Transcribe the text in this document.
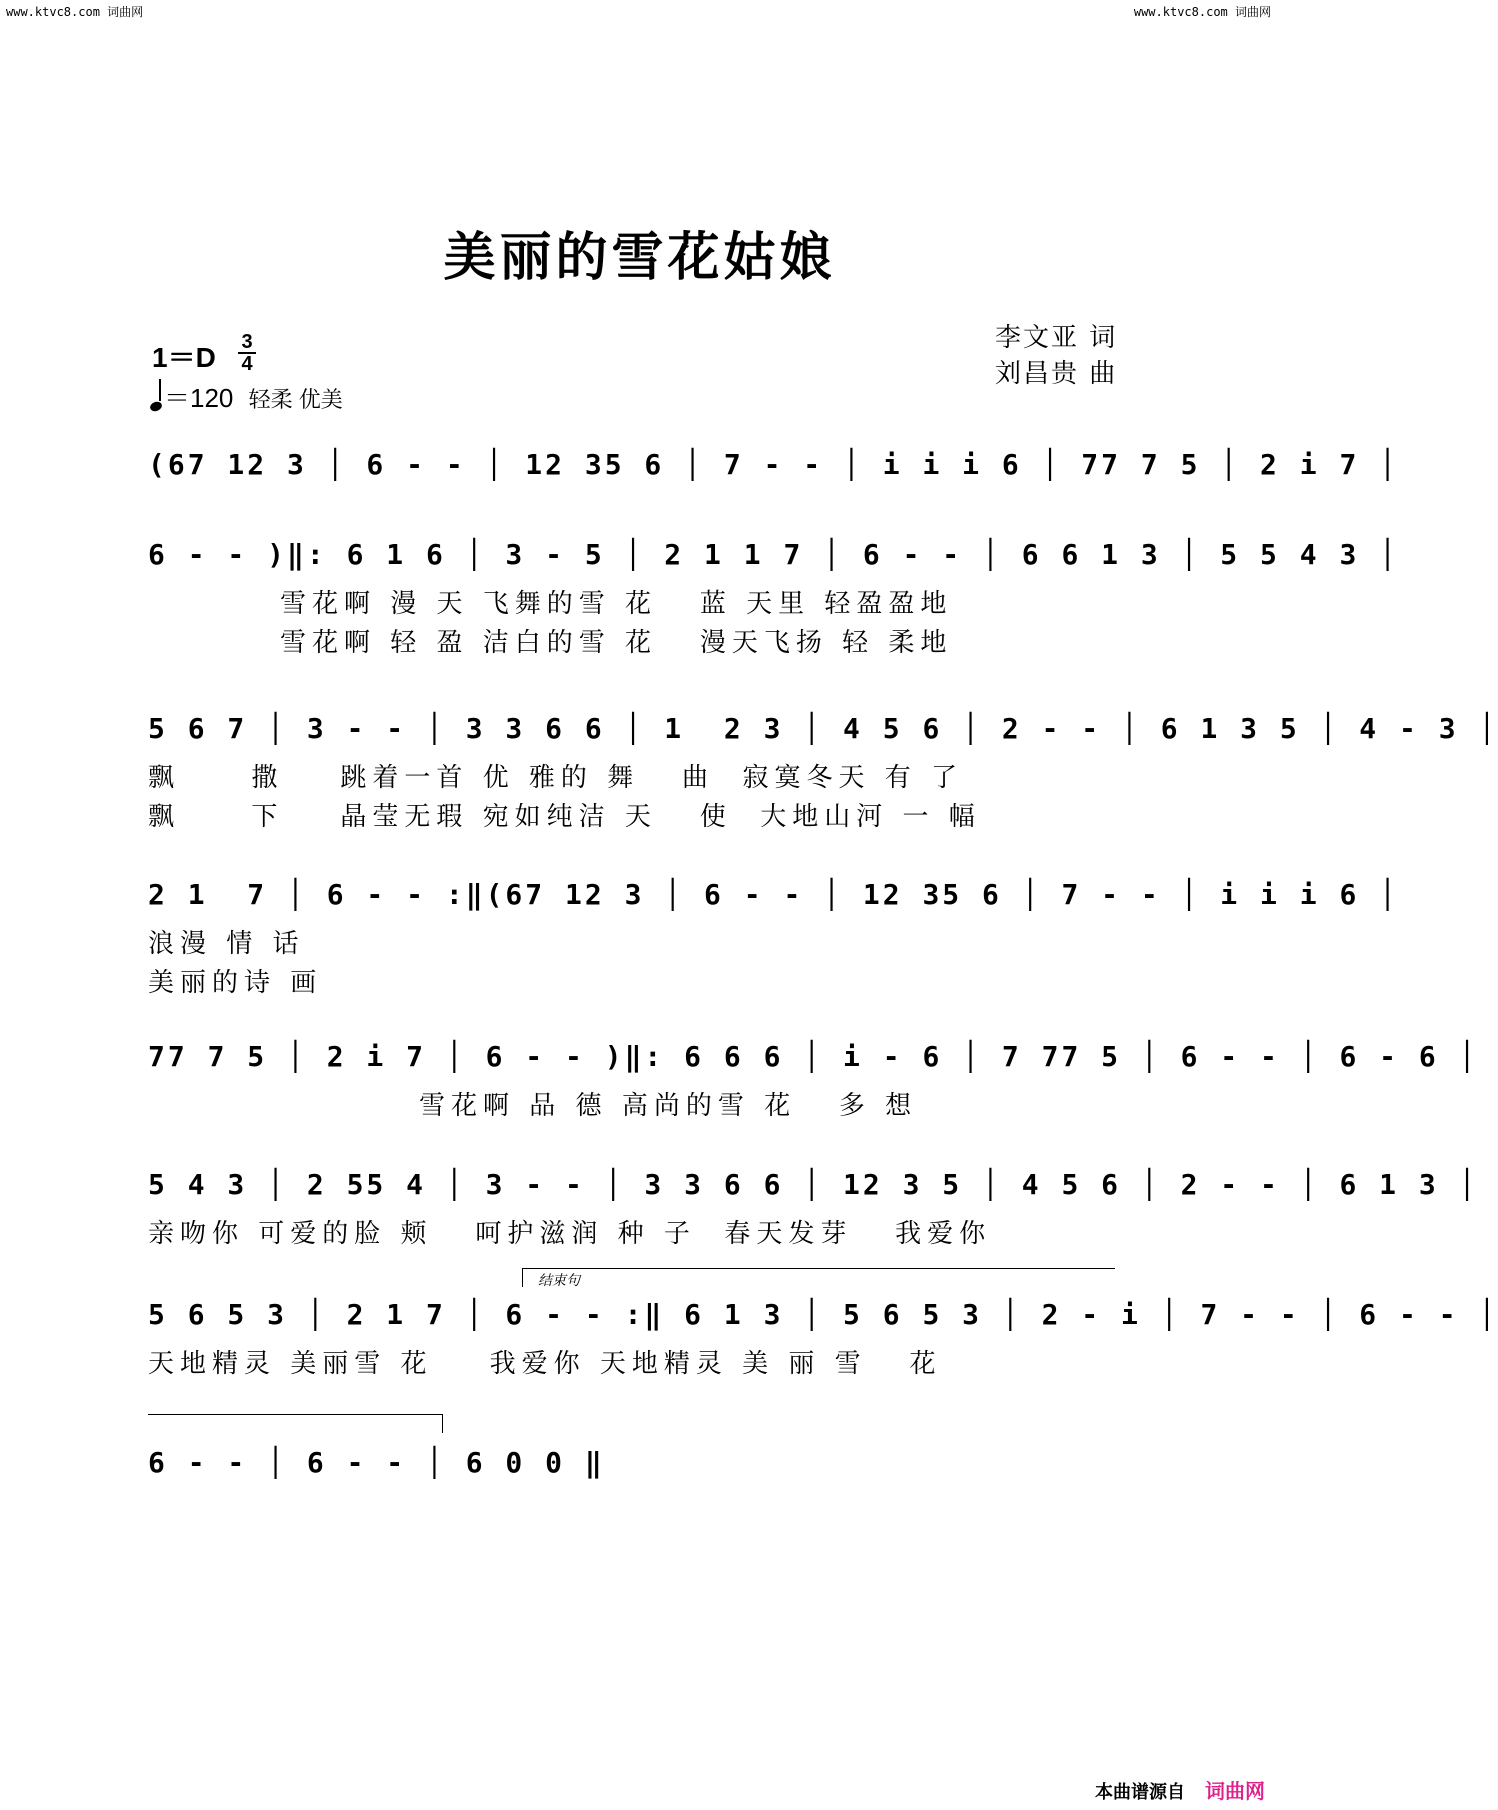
www.ktvc8.com 词曲网	www.ktvc8.com 词曲网
美丽的雪花姑娘
1＝D 3
4
＝120 轻柔 优美
李文亚 词
刘昌贵 曲
(67 12 3 │ 6 - - │ 12 35 6 │ 7 - - │ i i i 6 │ 77 7 5 │ 2 i 7 │
6 - - )‖: 6 1 6 │ 3 - 5 │ 2 1 1 7 │ 6 - - │ 6 6 1 3 │ 5 5 4 3 │
雪花啊 漫 天 飞舞的雪 花   蓝 天里 轻盈盈地
雪花啊 轻 盈 洁白的雪 花   漫天飞扬 轻 柔地
5 6 7 │ 3 - - │ 3 3 6 6 │ 1  2 3 │ 4 5 6 │ 2 - - │ 6 1 3 5 │ 4 - 3 │
飘     撒    跳着一首 优 雅的 舞   曲  寂寞冬天 有 了
飘     下    晶莹无瑕 宛如纯洁 天   使  大地山河 一 幅
2 1  7 │ 6 - - :‖(67 12 3 │ 6 - - │ 12 35 6 │ 7 - - │ i i i 6 │
浪漫 情 话
美丽的诗 画
77 7 5 │ 2 i 7 │ 6 - - )‖: 6 6 6 │ i - 6 │ 7 77 5 │ 6 - - │ 6 - 6 │
雪花啊 品 德 高尚的雪 花   多 想
5 4 3 │ 2 55 4 │ 3 - - │ 3 3 6 6 │ 12 3 5 │ 4 5 6 │ 2 - - │ 6 1 3 │
亲吻你 可爱的脸 颊   呵护滋润 种 子  春天发芽   我爱你
结束句
5 6 5 3 │ 2 1 7 │ 6 - - :‖ 6 1 3 │ 5 6 5 3 │ 2 - i │ 7 - - │ 6 - - │
天地精灵 美丽雪 花    我爱你 天地精灵 美 丽 雪   花
6 - - │ 6 - - │ 6 0 0 ‖
本曲谱源自 词曲网
